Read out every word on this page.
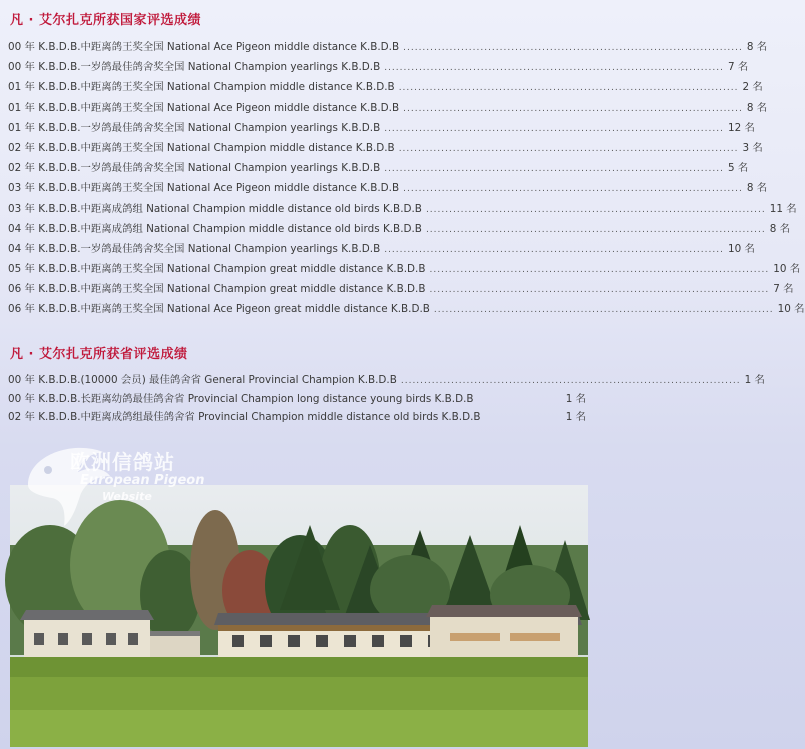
凡 · 艾尔扎克所获国家评选成绩
00 年 K.B.D.B.中距离鸽王奖全国 National Ace Pigeon middle distance K.B.D.B ........................................................................................ 8 名
00 年 K.B.D.B.一岁鸽最佳鸽舍奖全国 National Champion yearlings K.B.D.B ........................................................................................ 7 名
01 年 K.B.D.B.中距离鸽王奖全国 National Champion middle distance K.B.D.B ........................................................................................ 2 名
01 年 K.B.D.B.中距离鸽王奖全国 National Ace Pigeon middle distance K.B.D.B ........................................................................................ 8 名
01 年 K.B.D.B.一岁鸽最佳鸽舍奖全国 National Champion yearlings K.B.D.B ........................................................................................ 12 名
02 年 K.B.D.B.中距离鸽王奖全国 National Champion middle distance K.B.D.B ........................................................................................ 3 名
02 年 K.B.D.B.一岁鸽最佳鸽舍奖全国 National Champion yearlings K.B.D.B ........................................................................................ 5 名
03 年 K.B.D.B.中距离鸽王奖全国 National Ace Pigeon middle distance K.B.D.B ........................................................................................ 8 名
03 年 K.B.D.B.中距离成鸽组 National Champion middle distance old birds K.B.D.B ........................................................................................ 11 名
04 年 K.B.D.B.中距离成鸽组 National Champion middle distance old birds K.B.D.B ........................................................................................ 8 名
04 年 K.B.D.B.一岁鸽最佳鸽舍奖全国 National Champion yearlings K.B.D.B ........................................................................................ 10 名
05 年 K.B.D.B.中距离鸽王奖全国 National Champion great middle distance K.B.D.B ........................................................................................ 10 名
06 年 K.B.D.B.中距离鸽王奖全国 National Champion great middle distance K.B.D.B ........................................................................................ 7 名
06 年 K.B.D.B.中距离鸽王奖全国 National Ace Pigeon great middle distance K.B.D.B ........................................................................................ 10 名
凡 · 艾尔扎克所获省评选成绩
00 年 K.B.D.B.(10000 会员) 最佳鸽舍省 General Provincial Champion K.B.D.B ........................................................................................ 1 名
00 年 K.B.D.B.长距离幼鸽最佳鸽舍省 Provincial Champion long distance young birds K.B.D.B	1 名
02 年 K.B.D.B.中距离成鸽组最佳鸽舍省 Provincial Champion middle distance old birds K.B.D.B	1 名
欧洲信鸽站
European Pigeon
Website
